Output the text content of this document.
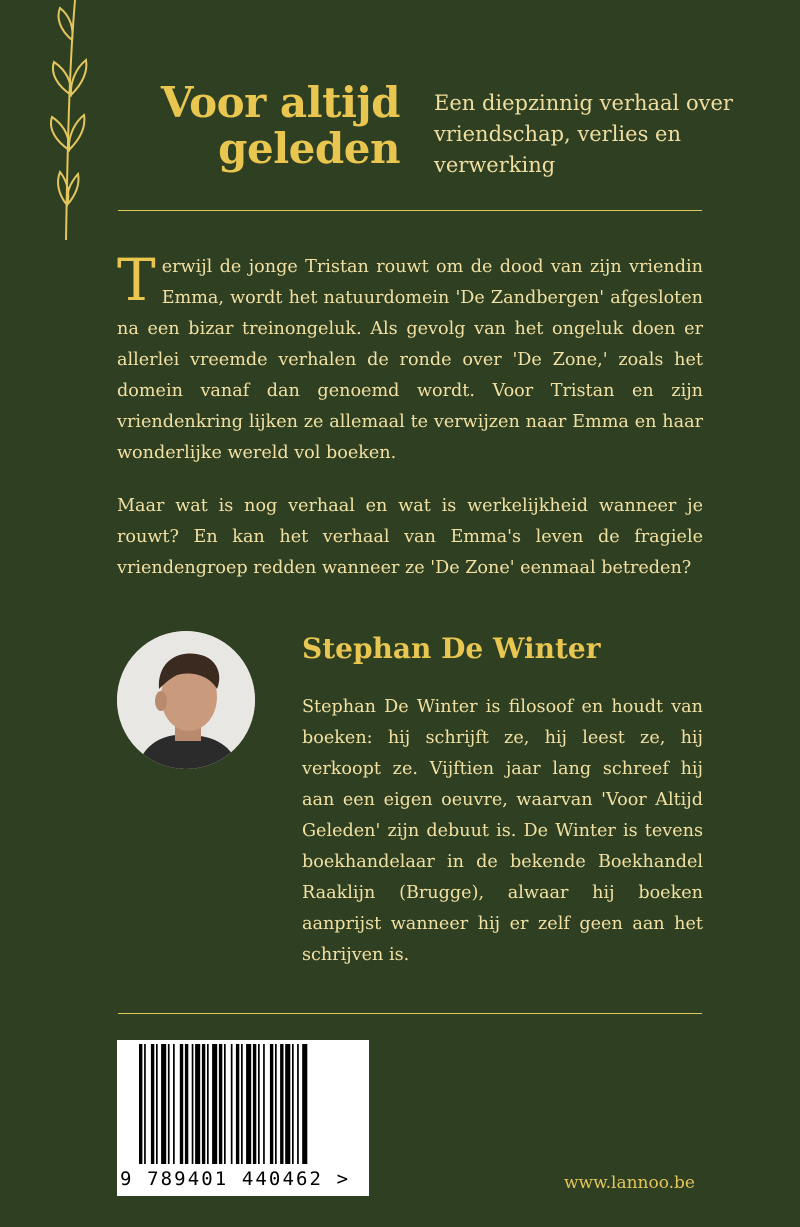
Voor altijd geleden
Een diepzinnig verhaal over vriendschap, verlies en verwerking
Terwijl de jonge Tristan rouwt om de dood van zijn vriendin Emma, wordt het natuurdomein 'De Zandbergen' afgesloten na een bizar treinongeluk. Als gevolg van het ongeluk doen er allerlei vreemde verhalen de ronde over 'De Zone,' zoals het domein vanaf dan genoemd wordt. Voor Tristan en zijn vriendenkring lijken ze allemaal te verwijzen naar Emma en haar wonderlijke wereld vol boeken.
Maar wat is nog verhaal en wat is werkelijkheid wanneer je rouwt? En kan het verhaal van Emma's leven de fragiele vriendengroep redden wanneer ze 'De Zone' eenmaal betreden?
Stephan De Winter
Stephan De Winter is filosoof en houdt van boeken: hij schrijft ze, hij leest ze, hij verkoopt ze. Vijftien jaar lang schreef hij aan een eigen oeuvre, waarvan 'Voor Altijd Geleden' zijn debuut is. De Winter is tevens boekhandelaar in de bekende Boekhandel Raaklijn (Brugge), alwaar hij boeken aanprijst wanneer hij er zelf geen aan het schrijven is.
9 789401 440462 >	www.lannoo.be
